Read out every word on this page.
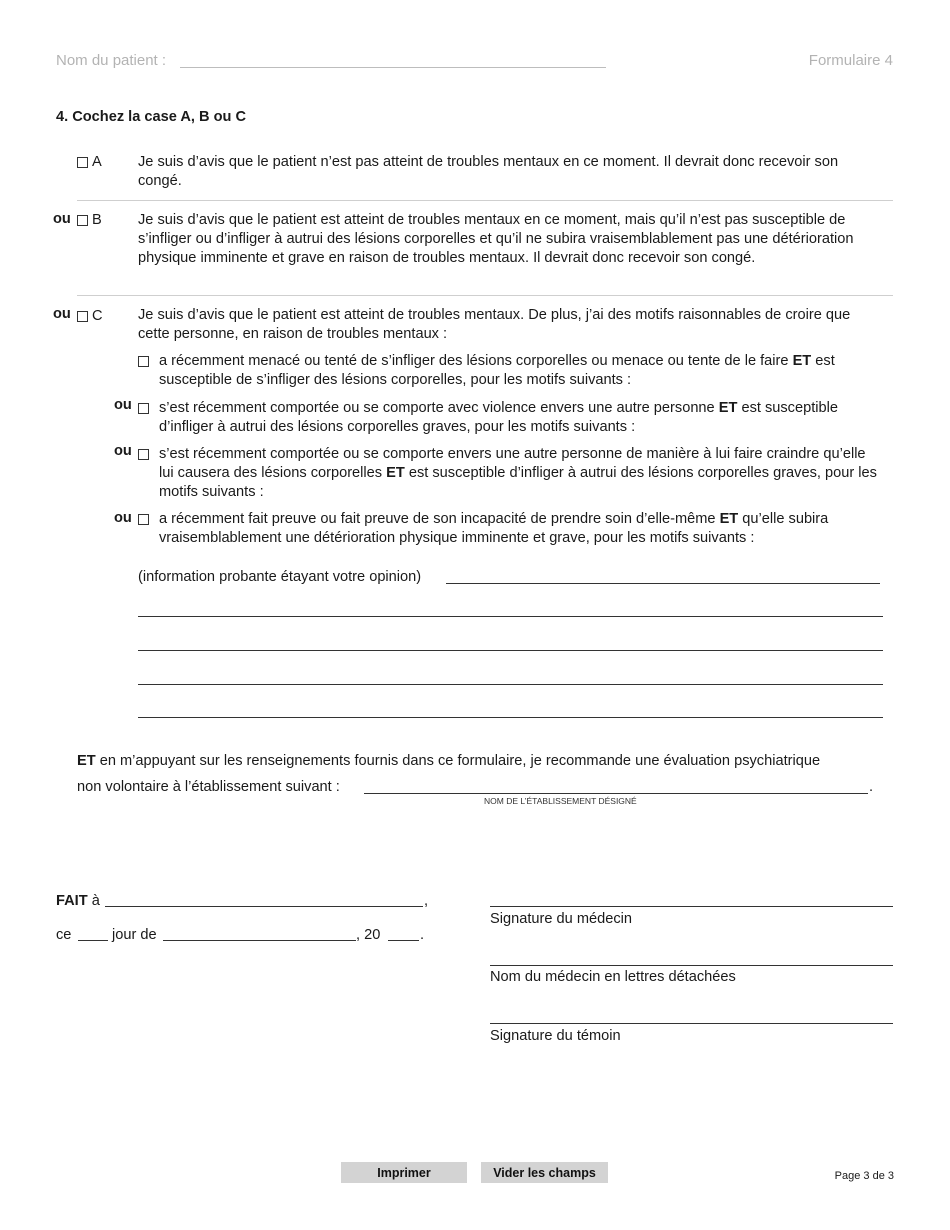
Nom du patient :	Formulaire 4
4. Cochez la case A, B ou C
A Je suis d’avis que le patient n’est pas atteint de troubles mentaux en ce moment. Il devrait donc recevoir son congé.
ou B Je suis d’avis que le patient est atteint de troubles mentaux en ce moment, mais qu’il n’est pas susceptible de s’infliger ou d’infliger à autrui des lésions corporelles et qu’il ne subira vraisemblablement pas une détérioration physique imminente et grave en raison de troubles mentaux. Il devrait donc recevoir son congé.
ou C Je suis d’avis que le patient est atteint de troubles mentaux. De plus, j’ai des motifs raisonnables de croire que cette personne, en raison de troubles mentaux :
a récemment menacé ou tenté de s’infliger des lésions corporelles ou menace ou tente de le faire ET est susceptible de s’infliger des lésions corporelles, pour les motifs suivants :
ou s’est récemment comportée ou se comporte avec violence envers une autre personne ET est susceptible d’infliger à autrui des lésions corporelles graves, pour les motifs suivants :
ou s’est récemment comportée ou se comporte envers une autre personne de manière à lui faire craindre qu’elle lui causera des lésions corporelles ET est susceptible d’infliger à autrui des lésions corporelles graves, pour les motifs suivants :
ou a récemment fait preuve ou fait preuve de son incapacité de prendre soin d’elle-même ET qu’elle subira vraisemblablement une détérioration physique imminente et grave, pour les motifs suivants :
(information probante étayant votre opinion)
ET en m’appuyant sur les renseignements fournis dans ce formulaire, je recommande une évaluation psychiatrique
non volontaire à l’établissement suivant :	.
NOM DE L’ÉTABLISSEMENT DÉSIGNÉ
FAIT à	,
ce	jour de	, 20	.
Signature du médecin
Nom du médecin en lettres détachées
Signature du témoin
Imprimer	Vider les champs	Page 3 de 3
